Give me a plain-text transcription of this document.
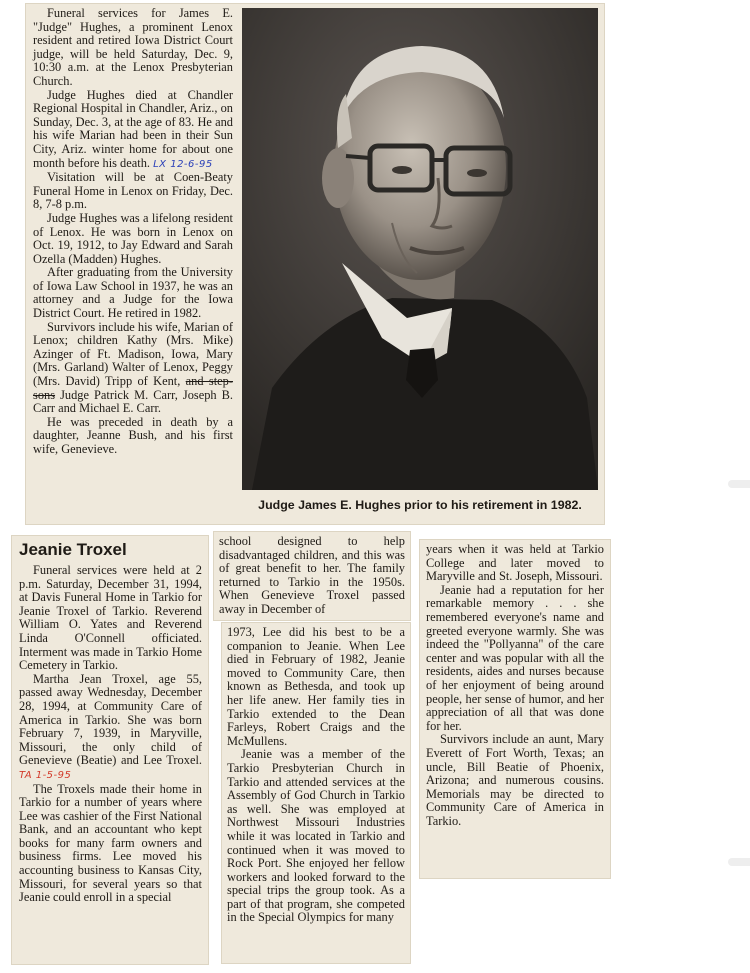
Funeral services for James E. "Judge" Hughes, a prominent Lenox resident and retired Iowa District Court judge, will be held Saturday, Dec. 9, 10:30 a.m. at the Lenox Presbyterian Church.

Judge Hughes died at Chandler Regional Hospital in Chandler, Ariz., on Sunday, Dec. 3, at the age of 83. He and his wife Marian had been in their Sun City, Ariz. winter home for about one month before his death. LX 12-6-95

Visitation will be at Coen-Beaty Funeral Home in Lenox on Friday, Dec. 8, 7-8 p.m.

Judge Hughes was a lifelong resident of Lenox. He was born in Lenox on Oct. 19, 1912, to Jay Edward and Sarah Ozella (Madden) Hughes.

After graduating from the University of Iowa Law School in 1937, he was an attorney and a Judge for the Iowa District Court. He retired in 1982.

Survivors include his wife, Marian of Lenox; children Kathy (Mrs. Mike) Azinger of Ft. Madison, Iowa, Mary (Mrs. Garland) Walter of Lenox, Peggy (Mrs. David) Tripp of Kent, and step-sons Judge Patrick M. Carr, Joseph B. Carr and Michael E. Carr.

He was preceded in death by a daughter, Jeanne Bush, and his first wife, Genevieve.

Judge James E. Hughes prior to his retirement in 1982.
Jeanie Troxel

Funeral services were held at 2 p.m. Saturday, December 31, 1994, at Davis Funeral Home in Tarkio for Jeanie Troxel of Tarkio. Reverend William O. Yates and Reverend Linda O'Connell officiated. Interment was made in Tarkio Home Cemetery in Tarkio.

Martha Jean Troxel, age 55, passed away Wednesday, December 28, 1994, at Community Care of America in Tarkio. She was born February 7, 1939, in Maryville, Missouri, the only child of Genevieve (Beatie) and Lee Troxel. TA 1-5-95

The Troxels made their home in Tarkio for a number of years where Lee was cashier of the First National Bank, and an accountant who kept books for many farm owners and business firms. Lee moved his accounting business to Kansas City, Missouri, for several years so that Jeanie could enroll in a special

school designed to help disadvantaged children, and this was of great benefit to her. The family returned to Tarkio in the 1950s. When Genevieve Troxel passed away in December of

1973, Lee did his best to be a companion to Jeanie. When Lee died in February of 1982, Jeanie moved to Community Care, then known as Bethesda, and took up her life anew. Her family ties in Tarkio extended to the Dean Farleys, Robert Craigs and the McMullens.

Jeanie was a member of the Tarkio Presbyterian Church in Tarkio and attended services at the Assembly of God Church in Tarkio as well. She was employed at Northwest Missouri Industries while it was located in Tarkio and continued when it was moved to Rock Port. She enjoyed her fellow workers and looked forward to the special trips the group took. As a part of that program, she competed in the Special Olympics for many

years when it was held at Tarkio College and later moved to Maryville and St. Joseph, Missouri.

Jeanie had a reputation for her remarkable memory . . . she remembered everyone's name and greeted everyone warmly. She was indeed the "Pollyanna" of the care center and was popular with all the residents, aides and nurses because of her enjoyment of being around people, her sense of humor, and her appreciation of all that was done for her.

Survivors include an aunt, Mary Everett of Fort Worth, Texas; an uncle, Bill Beatie of Phoenix, Arizona; and numerous cousins. Memorials may be directed to Community Care of America in Tarkio.
